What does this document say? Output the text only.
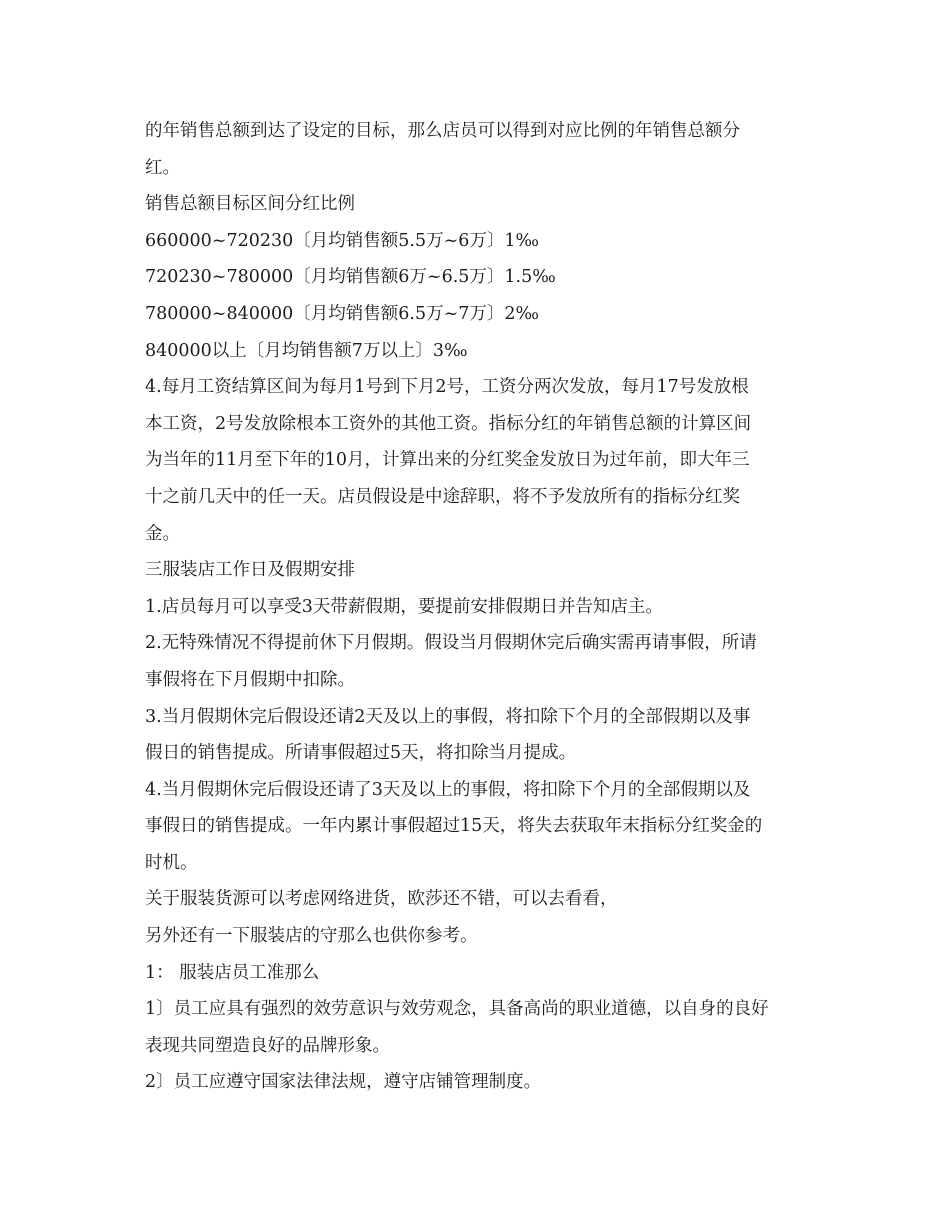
的年销售总额到达了设定的目标，那么店员可以得到对应比例的年销售总额分
红。
销售总额目标区间分红比例
660000~720230〔月均销售额5.5万~6万〕1‰
720230~780000〔月均销售额6万~6.5万〕1.5‰
780000~840000〔月均销售额6.5万~7万〕2‰
840000以上〔月均销售额7万以上〕3‰
4.每月工资结算区间为每月1号到下月2号，工资分两次发放，每月17号发放根
本工资，2号发放除根本工资外的其他工资。指标分红的年销售总额的计算区间
为当年的11月至下年的10月，计算出来的分红奖金发放日为过年前，即大年三
十之前几天中的任一天。店员假设是中途辞职，将不予发放所有的指标分红奖
金。
三服装店工作日及假期安排
1.店员每月可以享受3天带薪假期，要提前安排假期日并告知店主。
2.无特殊情况不得提前休下月假期。假设当月假期休完后确实需再请事假，所请
事假将在下月假期中扣除。
3.当月假期休完后假设还请2天及以上的事假，将扣除下个月的全部假期以及事
假日的销售提成。所请事假超过5天，将扣除当月提成。
4.当月假期休完后假设还请了3天及以上的事假，将扣除下个月的全部假期以及
事假日的销售提成。一年内累计事假超过15天，将失去获取年末指标分红奖金的
时机。
关于服装货源可以考虑网络进货，欧莎还不错，可以去看看，
另外还有一下服装店的守那么也供你参考。
1： 服装店员工准那么
1〕员工应具有强烈的效劳意识与效劳观念，具备高尚的职业道德，以自身的良好
表现共同塑造良好的品牌形象。
2〕员工应遵守国家法律法规，遵守店铺管理制度。
